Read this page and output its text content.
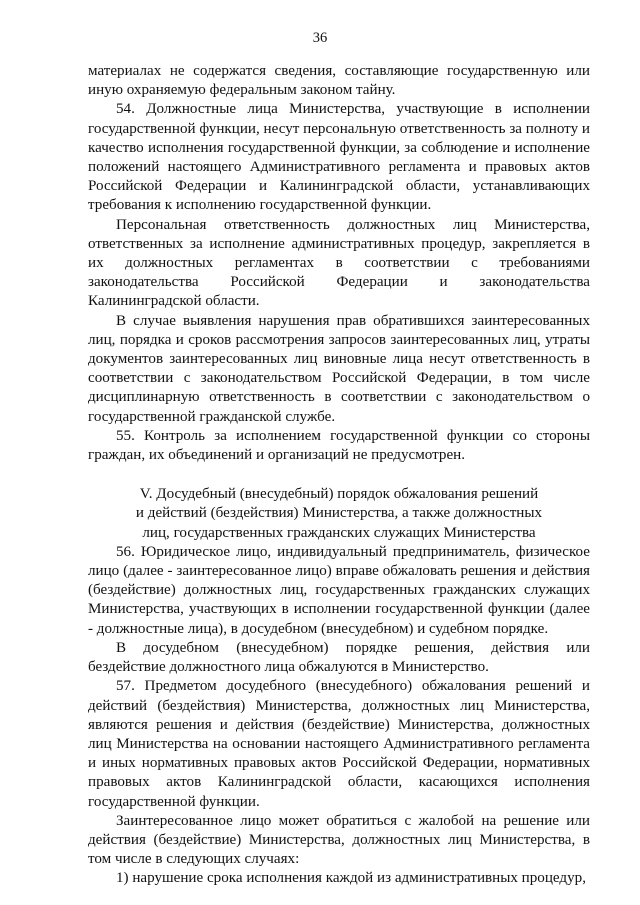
36

материалах не содержатся сведения, составляющие государственную или иную охраняемую федеральным законом тайну.

54. Должностные лица Министерства, участвующие в исполнении государственной функции, несут персональную ответственность за полноту и качество исполнения государственной функции, за соблюдение и исполнение положений настоящего Административного регламента и правовых актов Российской Федерации и Калининградской области, устанавливающих требования к исполнению государственной функции.

Персональная ответственность должностных лиц Министерства, ответственных за исполнение административных процедур, закрепляется в их должностных регламентах в соответствии с требованиями законодательства Российской Федерации и законодательства Калининградской области.

В случае выявления нарушения прав обратившихся заинтересованных лиц, порядка и сроков рассмотрения запросов заинтересованных лиц, утраты документов заинтересованных лиц виновные лица несут ответственность в соответствии с законодательством Российской Федерации, в том числе дисциплинарную ответственность в соответствии с законодательством о государственной гражданской службе.

55. Контроль за исполнением государственной функции со стороны граждан, их объединений и организаций не предусмотрен.

V. Досудебный (внесудебный) порядок обжалования решений
и действий (бездействия) Министерства, а также должностных
лиц, государственных гражданских служащих Министерства

56. Юридическое лицо, индивидуальный предприниматель, физическое лицо (далее - заинтересованное лицо) вправе обжаловать решения и действия (бездействие) должностных лиц, государственных гражданских служащих Министерства, участвующих в исполнении государственной функции (далее - должностные лица), в досудебном (внесудебном) и судебном порядке.

В досудебном (внесудебном) порядке решения, действия или бездействие должностного лица обжалуются в Министерство.

57. Предметом досудебного (внесудебного) обжалования решений и действий (бездействия) Министерства, должностных лиц Министерства, являются решения и действия (бездействие) Министерства, должностных лиц Министерства на основании настоящего Административного регламента и иных нормативных правовых актов Российской Федерации, нормативных правовых актов Калининградской области, касающихся исполнения государственной функции.

Заинтересованное лицо может обратиться с жалобой на решение или действия (бездействие) Министерства, должностных лиц Министерства, в том числе в следующих случаях:

1) нарушение срока исполнения каждой из административных процедур,
